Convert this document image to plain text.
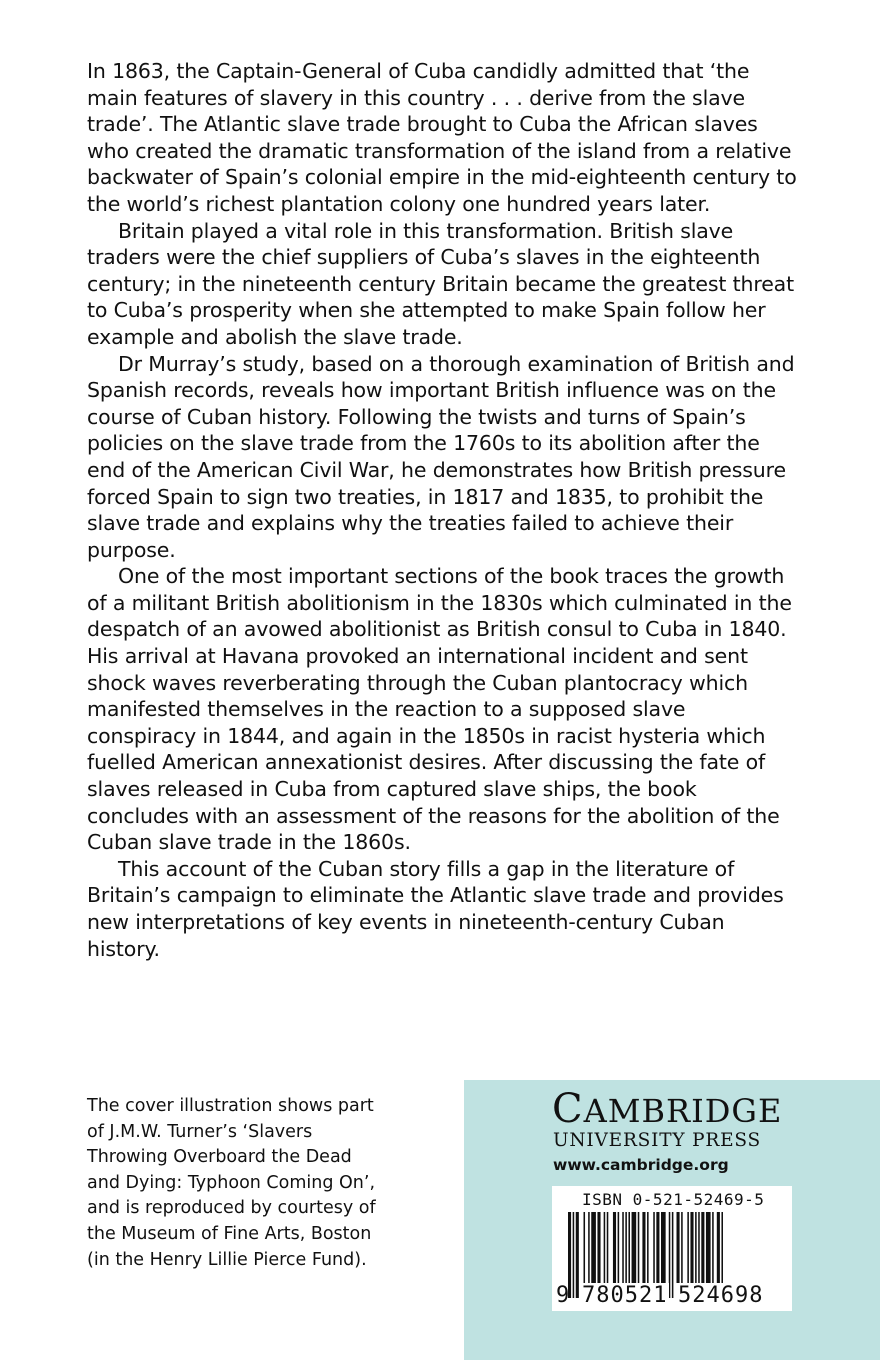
In 1863, the Captain-General of Cuba candidly admitted that ‘the main features of slavery in this country . . . derive from the slave trade’. The Atlantic slave trade brought to Cuba the African slaves who created the dramatic transformation of the island from a relative backwater of Spain’s colonial empire in the mid-eighteenth century to the world’s richest plantation colony one hundred years later.

Britain played a vital role in this transformation. British slave traders were the chief suppliers of Cuba’s slaves in the eighteenth century; in the nineteenth century Britain became the greatest threat to Cuba’s prosperity when she attempted to make Spain follow her example and abolish the slave trade.

Dr Murray’s study, based on a thorough examination of British and Spanish records, reveals how important British influence was on the course of Cuban history. Following the twists and turns of Spain’s policies on the slave trade from the 1760s to its abolition after the end of the American Civil War, he demonstrates how British pressure forced Spain to sign two treaties, in 1817 and 1835, to prohibit the slave trade and explains why the treaties failed to achieve their purpose.

One of the most important sections of the book traces the growth of a militant British abolitionism in the 1830s which culminated in the despatch of an avowed abolitionist as British consul to Cuba in 1840. His arrival at Havana provoked an international incident and sent shock waves reverberating through the Cuban plantocracy which manifested themselves in the reaction to a supposed slave conspiracy in 1844, and again in the 1850s in racist hysteria which fuelled American annexationist desires. After discussing the fate of slaves released in Cuba from captured slave ships, the book concludes with an assessment of the reasons for the abolition of the Cuban slave trade in the 1860s.

This account of the Cuban story fills a gap in the literature of Britain’s campaign to eliminate the Atlantic slave trade and provides new interpretations of key events in nineteenth-century Cuban history.

The cover illustration shows part
of J.M.W. Turner’s ‘Slavers
Throwing Overboard the Dead
and Dying: Typhoon Coming On’,
and is reproduced by courtesy of
the Museum of Fine Arts, Boston
(in the Henry Lillie Pierce Fund).
CAMBRIDGE
UNIVERSITY PRESS
www.cambridge.org
ISBN 0-521-52469-5
9 780521 524698
